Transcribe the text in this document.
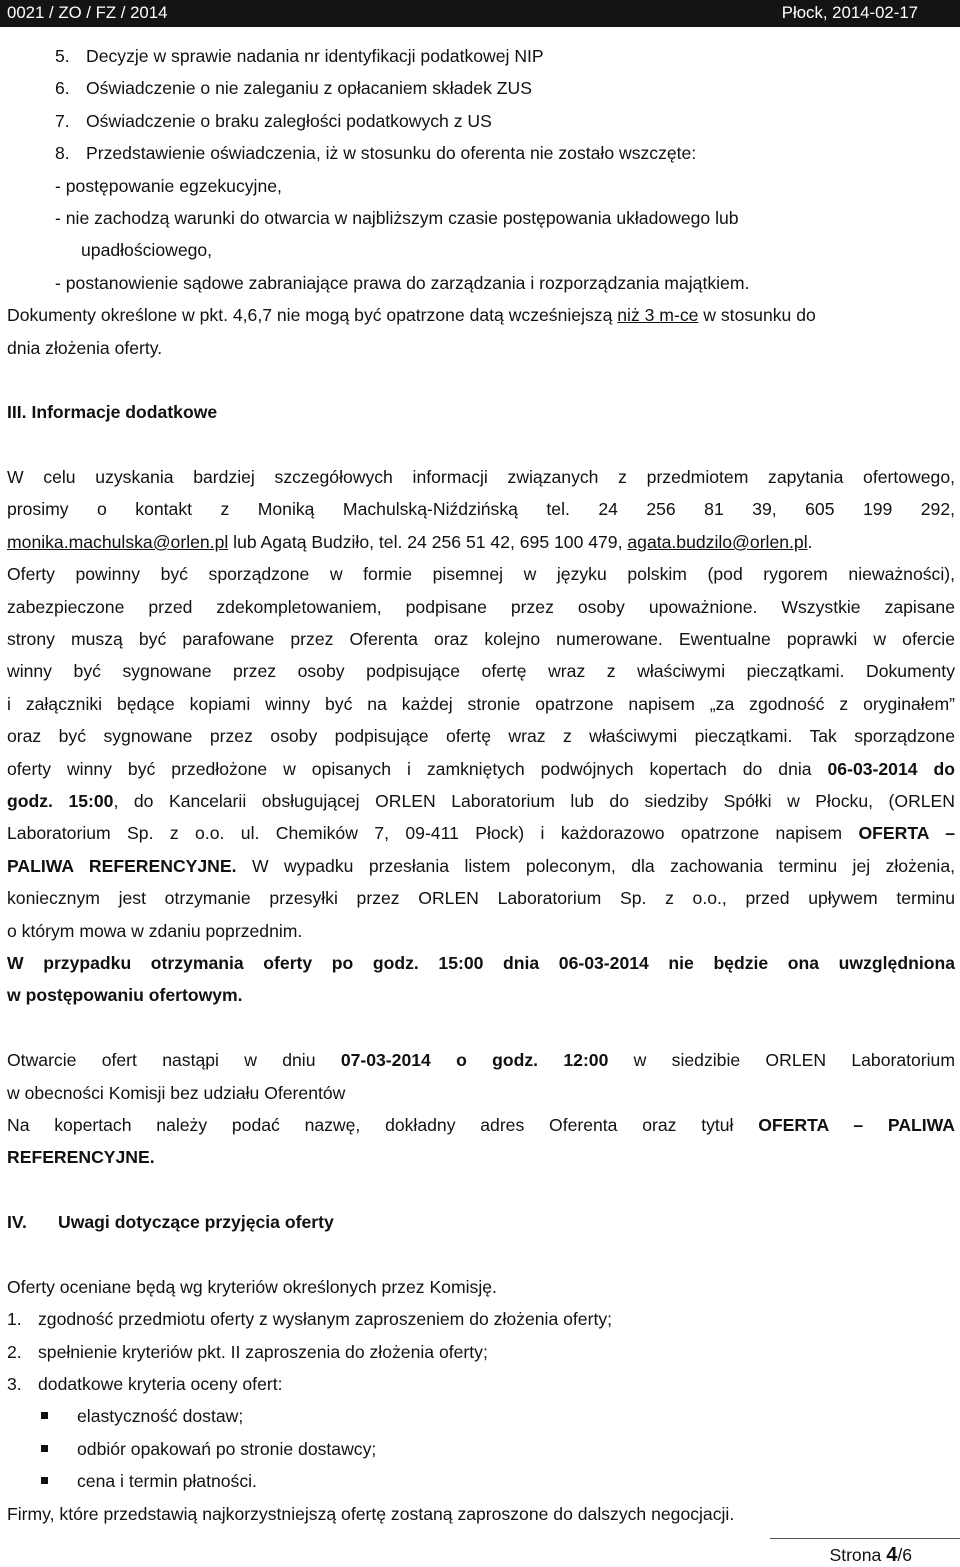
0021 / ZO / FZ / 2014	Płock, 2014-02-17
5. Decyzje w sprawie nadania nr identyfikacji podatkowej NIP
6. Oświadczenie o nie zaleganiu z opłacaniem składek ZUS
7. Oświadczenie o braku zaległości podatkowych z US
8. Przedstawienie oświadczenia, iż w stosunku do oferenta nie zostało wszczęte:
- postępowanie egzekucyjne,
- nie zachodzą warunki do otwarcia w najbliższym czasie postępowania układowego lub
upadłościowego,
- postanowienie sądowe zabraniające prawa do zarządzania i rozporządzania majątkiem.
Dokumenty określone w pkt. 4,6,7 nie mogą być opatrzone datą wcześniejszą niż 3 m-ce w stosunku do
dnia złożenia oferty.
III. Informacje dodatkowe
W celu uzyskania bardziej szczegółowych informacji związanych z przedmiotem zapytania ofertowego,
prosimy o kontakt z Moniką Machulską-Niździńską tel. 24 256 81 39, 605 199 292,
monika.machulska@orlen.pl lub Agatą Budziło, tel. 24 256 51 42, 695 100 479, agata.budzilo@orlen.pl.
Oferty powinny być sporządzone w formie pisemnej w języku polskim (pod rygorem nieważności),
zabezpieczone przed zdekompletowaniem, podpisane przez osoby upoważnione. Wszystkie zapisane
strony muszą być parafowane przez Oferenta oraz kolejno numerowane. Ewentualne poprawki w ofercie
winny być sygnowane przez osoby podpisujące ofertę wraz z właściwymi pieczątkami. Dokumenty
i załączniki będące kopiami winny być na każdej stronie opatrzone napisem „za zgodność z oryginałem”
oraz być sygnowane przez osoby podpisujące ofertę wraz z właściwymi pieczątkami. Tak sporządzone
oferty winny być przedłożone w opisanych i zamkniętych podwójnych kopertach do dnia 06-03-2014 do
godz. 15:00, do Kancelarii obsługującej ORLEN Laboratorium lub do siedziby Spółki w Płocku, (ORLEN
Laboratorium Sp. z o.o. ul. Chemików 7, 09-411 Płock) i każdorazowo opatrzone napisem OFERTA –
PALIWA REFERENCYJNE. W wypadku przesłania listem poleconym, dla zachowania terminu jej złożenia,
koniecznym jest otrzymanie przesyłki przez ORLEN Laboratorium Sp. z o.o., przed upływem terminu
o którym mowa w zdaniu poprzednim.
W przypadku otrzymania oferty po godz. 15:00 dnia 06-03-2014 nie będzie ona uwzględniona
w postępowaniu ofertowym.
Otwarcie ofert nastąpi w dniu 07-03-2014 o godz. 12:00 w siedzibie ORLEN Laboratorium
w obecności Komisji bez udziału Oferentów
Na kopertach należy podać nazwę, dokładny adres Oferenta oraz tytuł OFERTA – PALIWA
REFERENCYJNE.
IV. Uwagi dotyczące przyjęcia oferty
Oferty oceniane będą wg kryteriów określonych przez Komisję.
1. zgodność przedmiotu oferty z wysłanym zaproszeniem do złożenia oferty;
2. spełnienie kryteriów pkt. II zaproszenia do złożenia oferty;
3. dodatkowe kryteria oceny ofert:
elastyczność dostaw;
odbiór opakowań po stronie dostawcy;
cena i termin płatności.
Firmy, które przedstawią najkorzystniejszą ofertę zostaną zaproszone do dalszych negocjacji.
Strona 4/6
